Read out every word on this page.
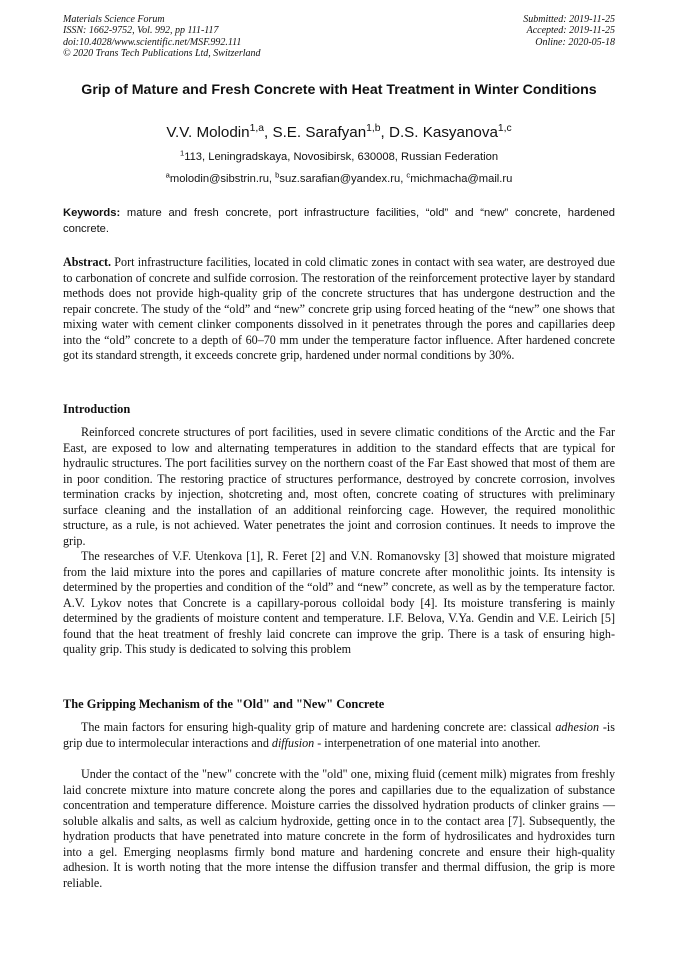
Materials Science Forum
ISSN: 1662-9752, Vol. 992, pp 111-117
doi:10.4028/www.scientific.net/MSF.992.111
© 2020 Trans Tech Publications Ltd, Switzerland
Submitted: 2019-11-25
Accepted: 2019-11-25
Online: 2020-05-18
Grip of Mature and Fresh Concrete with Heat Treatment in Winter Conditions
V.V. Molodin$^{1,a}$, S.E. Sarafyan$^{1,b}$, D.S. Kasyanova$^{1,c}$
$^1$113, Leningradskaya, Novosibirsk, 630008, Russian Federation
$^a$molodin@sibstrin.ru, $^b$suz.sarafian@yandex.ru, $^c$michmacha@mail.ru

Keywords: mature and fresh concrete, port infrastructure facilities, “old” and “new” concrete, hardened concrete.

Abstract. Port infrastructure facilities, located in cold climatic zones in contact with sea water, are destroyed due to carbonation of concrete and sulfide corrosion. The restoration of the reinforcement protective layer by standard methods does not provide high-quality grip of the concrete structures that has undergone destruction and the repair concrete. The study of the “old” and “new” concrete grip using forced heating of the “new” one shows that mixing water with cement clinker components dissolved in it penetrates through the pores and capillaries deep into the “old” concrete to a depth of 60–70 mm under the temperature factor influence. After hardened concrete got its standard strength, it exceeds concrete grip, hardened under normal conditions by 30%.

Introduction

Reinforced concrete structures of port facilities, used in severe climatic conditions of the Arctic and the Far East, are exposed to low and alternating temperatures in addition to the standard effects that are typical for hydraulic structures. The port facilities survey on the northern coast of the Far East showed that most of them are in poor condition. The restoring practice of structures performance, destroyed by concrete corrosion, involves termination cracks by injection, shotcreting and, most often, concrete coating of structures with preliminary surface cleaning and the installation of an additional reinforcing cage. However, the required monolithic structure, as a rule, is not achieved. Water penetrates the joint and corrosion continues. It needs to improve the grip.

The researches of V.F. Utenkova [1], R. Feret [2] and V.N. Romanovsky [3] showed that moisture migrated from the laid mixture into the pores and capillaries of mature concrete after monolithic joints. Its intensity is determined by the properties and condition of the “old” and “new” concrete, as well as by the temperature factor. A.V. Lykov notes that Concrete is a capillary-porous colloidal body [4]. Its moisture transfering is mainly determined by the gradients of moisture content and temperature. I.F. Belova, V.Ya. Gendin and V.E. Leirich [5] found that the heat treatment of freshly laid concrete can improve the grip. There is a task of ensuring high-quality grip. This study is dedicated to solving this problem

The Gripping Mechanism of the "Old" and "New" Concrete

The main factors for ensuring high-quality grip of mature and hardening concrete are: classical adhesion -is grip due to intermolecular interactions and diffusion - interpenetration of one material into another.

Under the contact of the "new" concrete with the "old" one, mixing fluid (cement milk) migrates from freshly laid concrete mixture into mature concrete along the pores and capillaries due to the equalization of substance concentration and temperature difference. Moisture carries the dissolved hydration products of clinker grains — soluble alkalis and salts, as well as calcium hydroxide, getting once in to the contact area [7]. Subsequently, the hydration products that have penetrated into mature concrete in the form of hydrosilicates and hydroxides turn into a gel. Emerging neoplasms firmly bond mature and hardening concrete and ensure their high-quality adhesion. It is worth noting that the more intense the diffusion transfer and thermal diffusion, the grip is more reliable.
